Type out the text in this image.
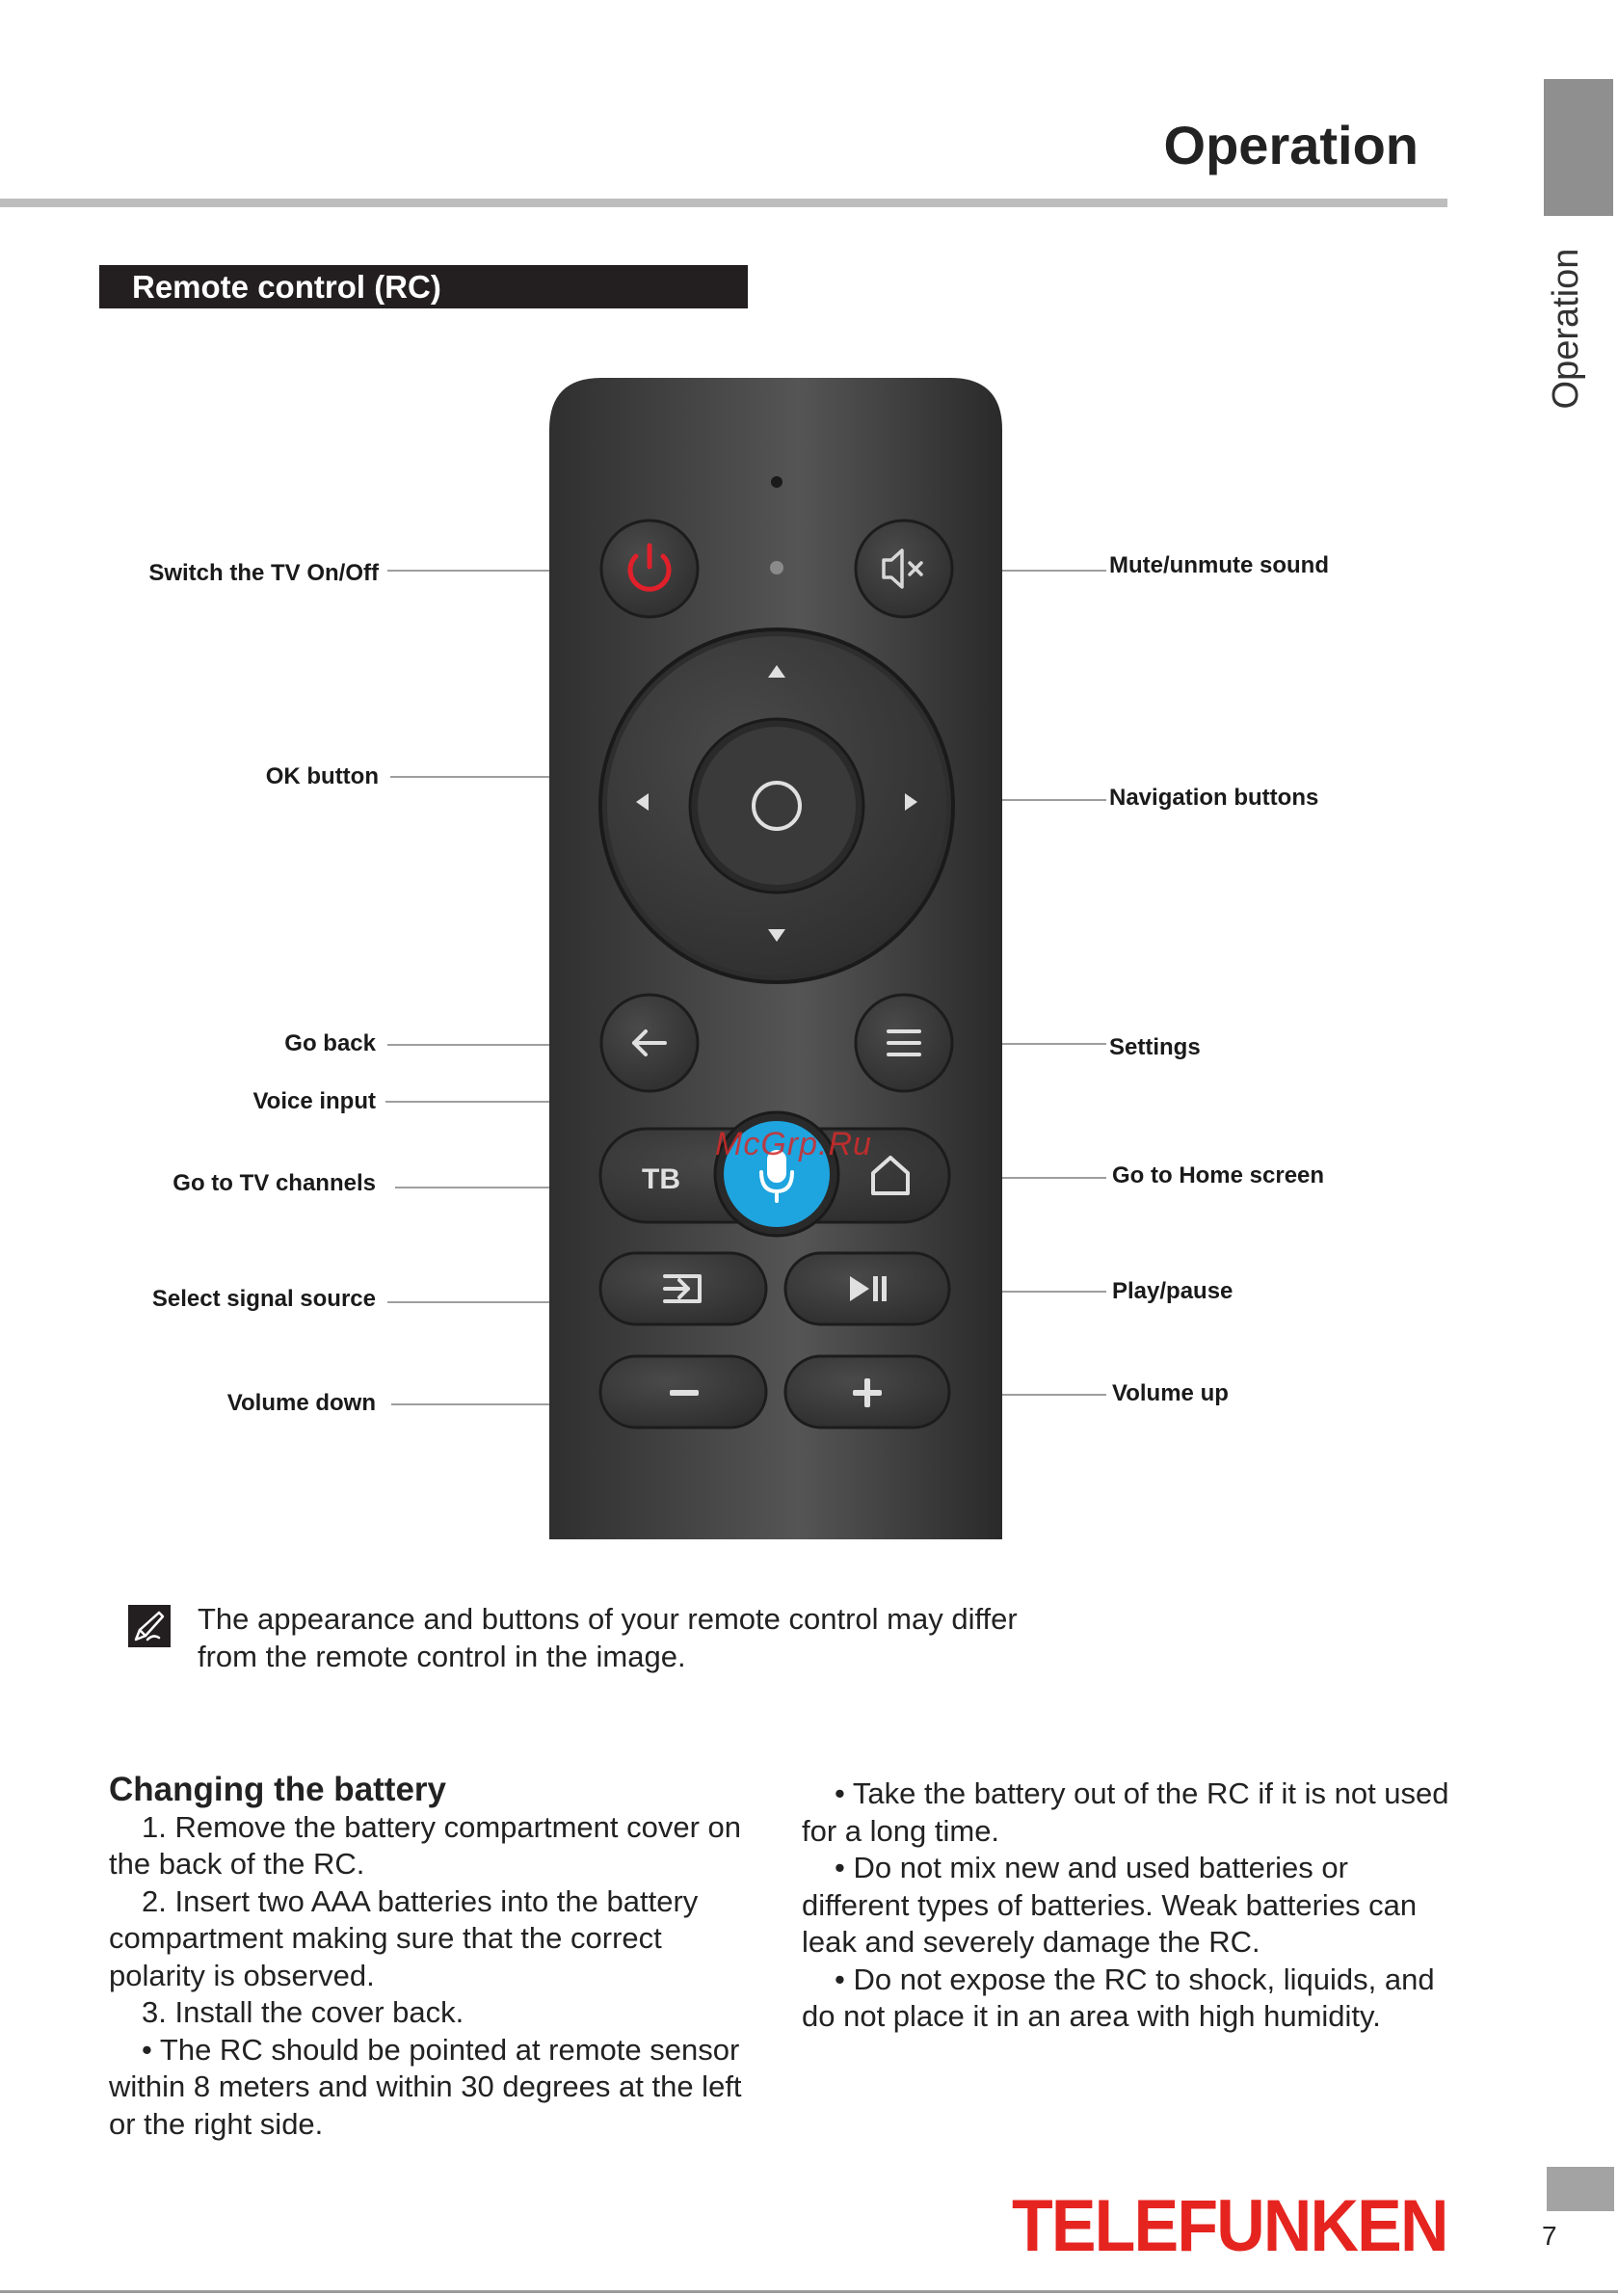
Operation
Operation
Remote control (RC)
TB
Switch the TV On/Off
OK button
Go back
Voice input
Go to TV channels
Select signal source
Volume down
Mute/unmute sound
Navigation buttons
Settings
Go to Home screen
Play/pause
Volume up
McGrp.Ru
The appearance and buttons of your remote control may differ from the remote control in the image.

Changing the battery

1. Remove the battery compartment cover on the back of the RC.

2. Insert two AAA batteries into the battery compartment making sure that the correct polarity is observed.

3. Install the cover back.

• The RC should be pointed at remote sensor within 8 meters and within 30 degrees at the left or the right side.

• Take the battery out of the RC if it is not used for a long time.

• Do not mix new and used batteries or different types of batteries. Weak batteries can leak and severely damage the RC.

• Do not expose the RC to shock, liquids, and do not place it in an area with high humidity.

TELEFUNKEN	7
